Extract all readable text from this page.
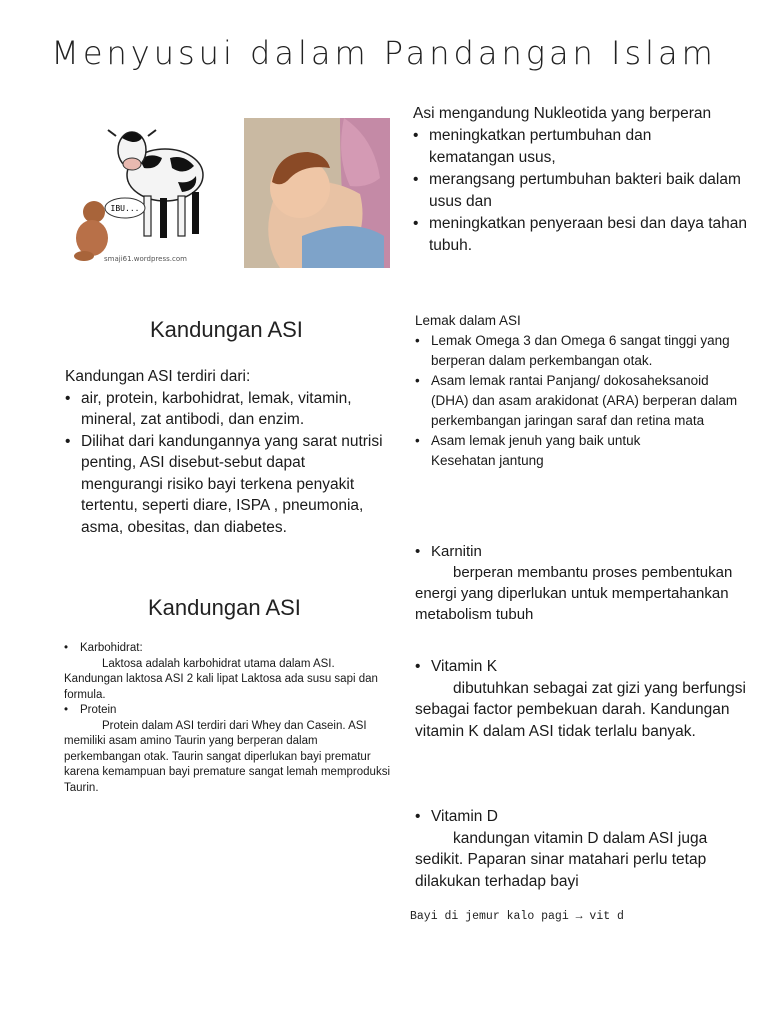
Menyusui dalam Pandangan Islam
IBU...
smaji61.wordpress.com
Asi mengandung Nukleotida yang berperan
• meningkatkan pertumbuhan dan kematangan usus,
• merangsang pertumbuhan bakteri baik dalam usus dan
• meningkatkan penyeraan besi dan daya tahan tubuh.
Kandungan ASI
Kandungan ASI terdiri dari:
• air, protein, karbohidrat, lemak, vitamin, mineral, zat antibodi, dan enzim.
• Dilihat dari kandungannya yang sarat nutrisi penting, ASI disebut-sebut dapat mengurangi risiko bayi terkena penyakit tertentu, seperti diare, ISPA , pneumonia, asma, obesitas, dan diabetes.
Lemak dalam ASI
• Lemak Omega 3 dan Omega 6 sangat tinggi yang berperan dalam perkembangan otak.
• Asam lemak rantai Panjang/ dokosaheksanoid (DHA) dan asam arakidonat (ARA) berperan dalam perkembangan jaringan saraf dan retina mata
• Asam lemak jenuh yang baik untuk Kesehatan jantung
• Karnitin
berperan membantu proses pembentukan energi yang diperlukan untuk mempertahankan metabolism tubuh
Kandungan ASI
• Karbohidrat:
Laktosa adalah karbohidrat utama dalam ASI. Kandungan laktosa ASI 2 kali lipat Laktosa ada susu sapi dan formula.
• Protein
Protein dalam ASI terdiri dari Whey dan Casein. ASI memiliki asam amino Taurin yang berperan dalam perkembangan otak. Taurin sangat diperlukan bayi prematur karena kemampuan bayi premature sangat lemah memproduksi Taurin.
• Vitamin K
dibutuhkan sebagai zat gizi yang berfungsi sebagai factor pembekuan darah. Kandungan vitamin K dalam ASI tidak terlalu banyak.
• Vitamin D
kandungan vitamin D dalam ASI juga sedikit. Paparan sinar matahari perlu tetap dilakukan terhadap bayi
Bayi di jemur kalo pagi → vit d
